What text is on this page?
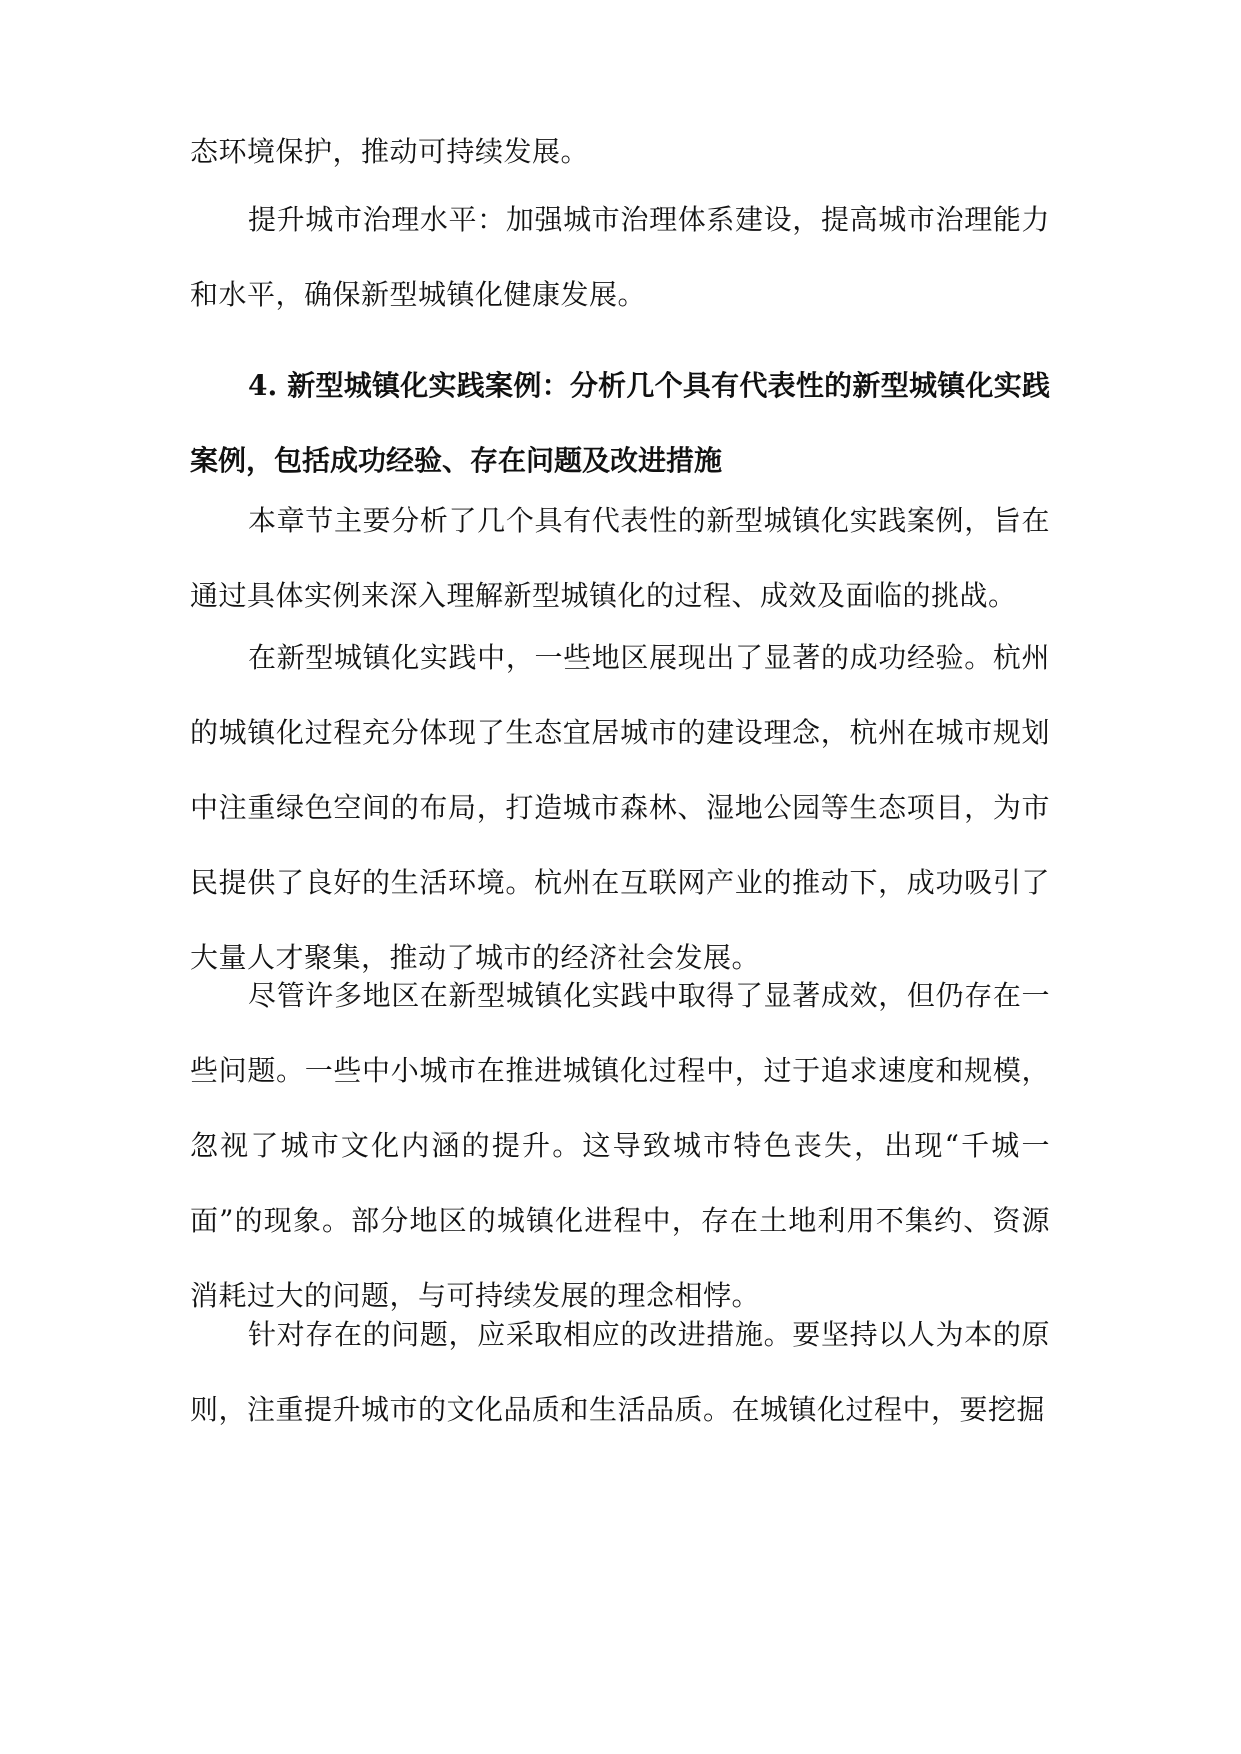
态环境保护，推动可持续发展。

提升城市治理水平：加强城市治理体系建设，提高城市治理能力和水平，确保新型城镇化健康发展。

4. 新型城镇化实践案例：分析几个具有代表性的新型城镇化实践案例，包括成功经验、存在问题及改进措施

本章节主要分析了几个具有代表性的新型城镇化实践案例，旨在通过具体实例来深入理解新型城镇化的过程、成效及面临的挑战。

在新型城镇化实践中，一些地区展现出了显著的成功经验。杭州的城镇化过程充分体现了生态宜居城市的建设理念，杭州在城市规划中注重绿色空间的布局，打造城市森林、湿地公园等生态项目，为市民提供了良好的生活环境。杭州在互联网产业的推动下，成功吸引了大量人才聚集，推动了城市的经济社会发展。

尽管许多地区在新型城镇化实践中取得了显著成效，但仍存在一些问题。一些中小城市在推进城镇化过程中，过于追求速度和规模，忽视了城市文化内涵的提升。这导致城市特色丧失，出现“千城一面”的现象。部分地区的城镇化进程中，存在土地利用不集约、资源消耗过大的问题，与可持续发展的理念相悖。

针对存在的问题，应采取相应的改进措施。要坚持以人为本的原则，注重提升城市的文化品质和生活品质。在城镇化过程中，要挖掘
